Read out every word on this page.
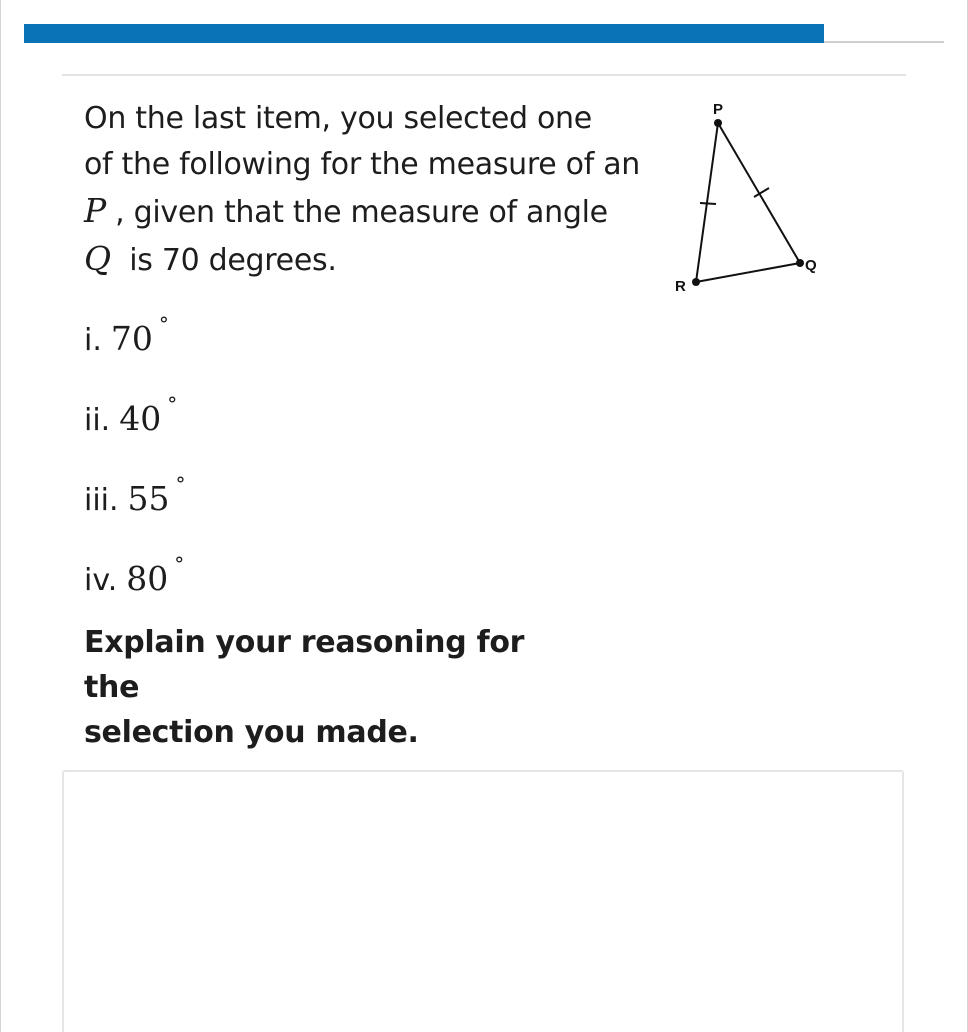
On the last item, you selected one
of the following for the measure of an
P , given that the measure of angle
Q is 70 degrees.
P
Q
R
i. 70 °
ii. 40 °
iii. 55 °
iv. 80 °
Explain your reasoning for the
selection you made.
